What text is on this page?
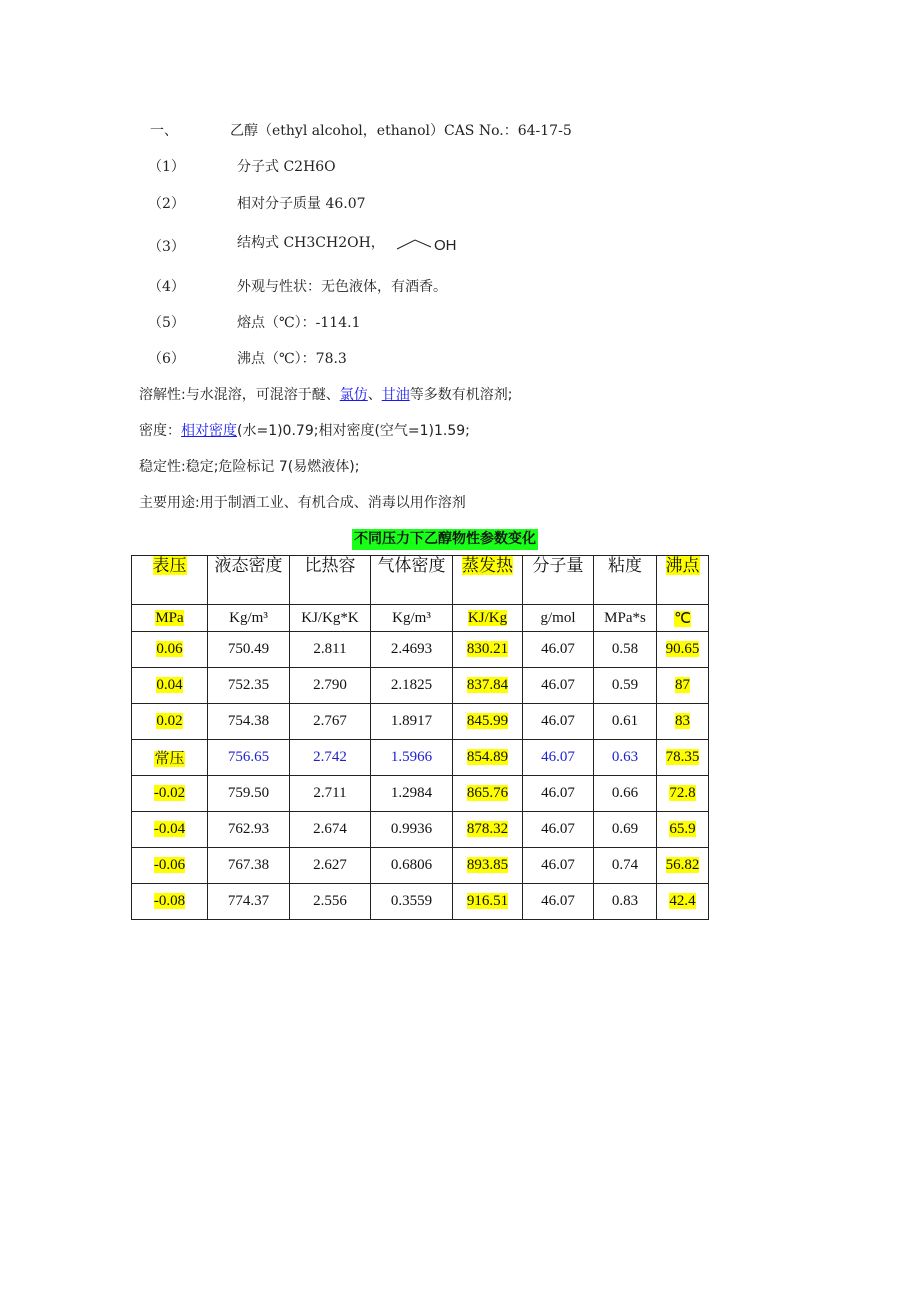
一、	乙醇（ethyl alcohol，ethanol）CAS No.：64-17-5
（1）	分子式 C2H6O
（2）	相对分子质量 46.07
（3）	结构式 CH3CH2OH，	OH
（4）	外观与性状：无色液体，有酒香。
（5）	熔点（℃）：-114.1
（6）	沸点（℃）：78.3
溶解性:与水混溶，可混溶于醚、氯仿、甘油等多数有机溶剂;
密度：相对密度(水=1)0.79;相对密度(空气=1)1.59;
稳定性:稳定;危险标记 7(易燃液体);
主要用途:用于制酒工业、有机合成、消毒以用作溶剂
不同压力下乙醇物性参数变化
表压	液态密度	比热容	气体密度	蒸发热	分子量	粘度	沸点
MPa	Kg/m³	KJ/Kg*K	Kg/m³	KJ/Kg	g/mol	MPa*s	℃
0.06	750.49	2.811	2.4693	830.21	46.07	0.58	90.65
0.04	752.35	2.790	2.1825	837.84	46.07	0.59	87
0.02	754.38	2.767	1.8917	845.99	46.07	0.61	83
常压	756.65	2.742	1.5966	854.89	46.07	0.63	78.35
-0.02	759.50	2.711	1.2984	865.76	46.07	0.66	72.8
-0.04	762.93	2.674	0.9936	878.32	46.07	0.69	65.9
-0.06	767.38	2.627	0.6806	893.85	46.07	0.74	56.82
-0.08	774.37	2.556	0.3559	916.51	46.07	0.83	42.4
